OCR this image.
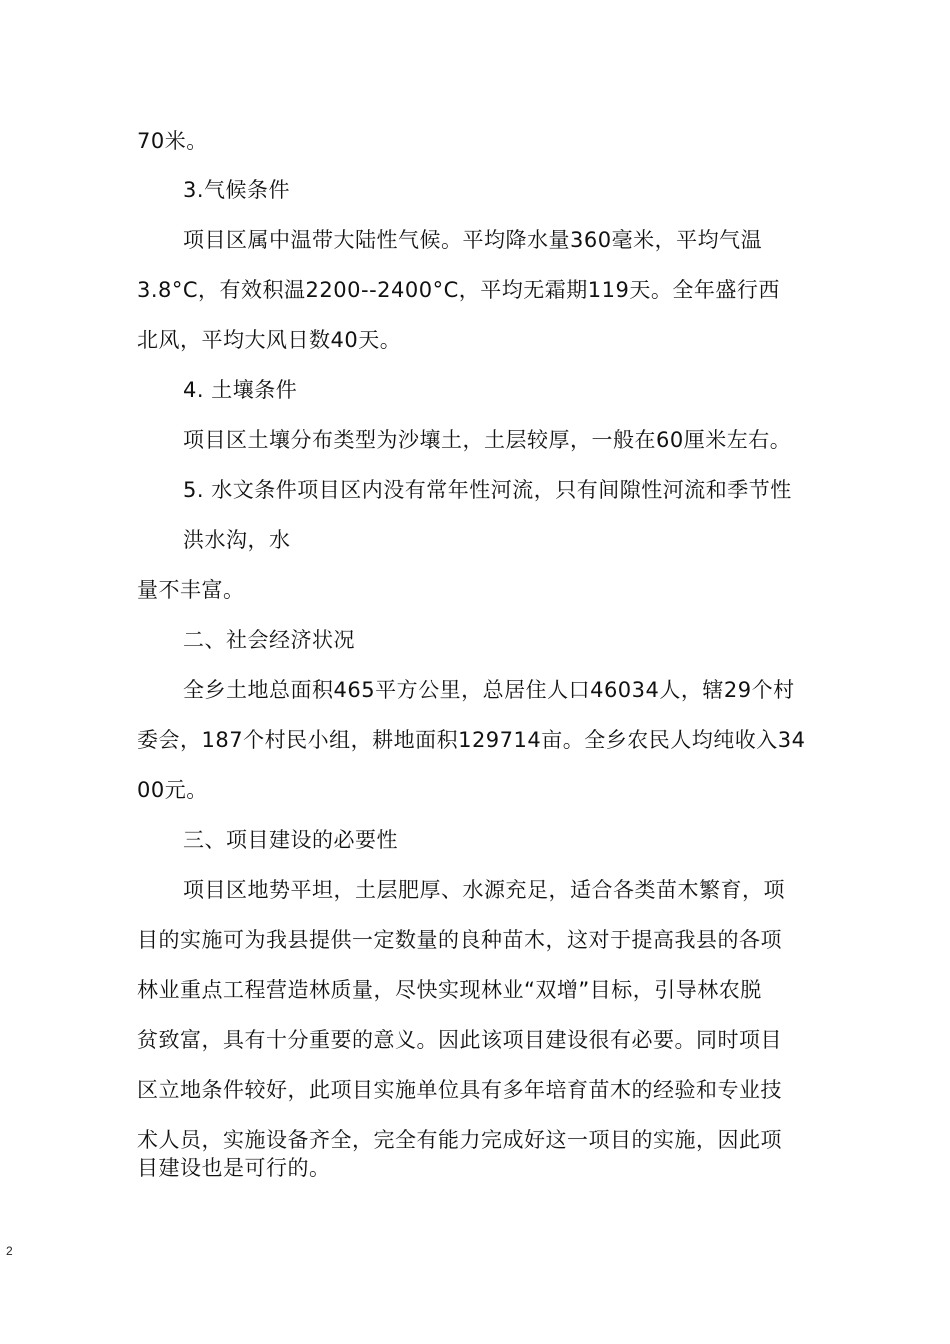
70米。
3.气候条件
项目区属中温带大陆性气候。平均降水量360毫米，平均气温
3.8°C，有效积温2200--2400°C，平均无霜期119天。全年盛行西
北风，平均大风日数40天。
4. 土壤条件
项目区土壤分布类型为沙壤土，土层较厚，一般在60厘米左右。
5. 水文条件项目区内没有常年性河流，只有间隙性河流和季节性
洪水沟，水
量不丰富。
二、社会经济状况
全乡土地总面积465平方公里，总居住人口46034人，辖29个村
委会，187个村民小组，耕地面积129714亩。全乡农民人均纯收入34
00元。
三、项目建设的必要性
项目区地势平坦，土层肥厚、水源充足，适合各类苗木繁育，项
目的实施可为我县提供一定数量的良种苗木，这对于提高我县的各项
林业重点工程营造林质量，尽快实现林业“双增”目标，引导林农脱
贫致富，具有十分重要的意义。因此该项目建设很有必要。同时项目
区立地条件较好，此项目实施单位具有多年培育苗木的经验和专业技
术人员，实施设备齐全，完全有能力完成好这一项目的实施，因此项
目建设也是可行的。
2
